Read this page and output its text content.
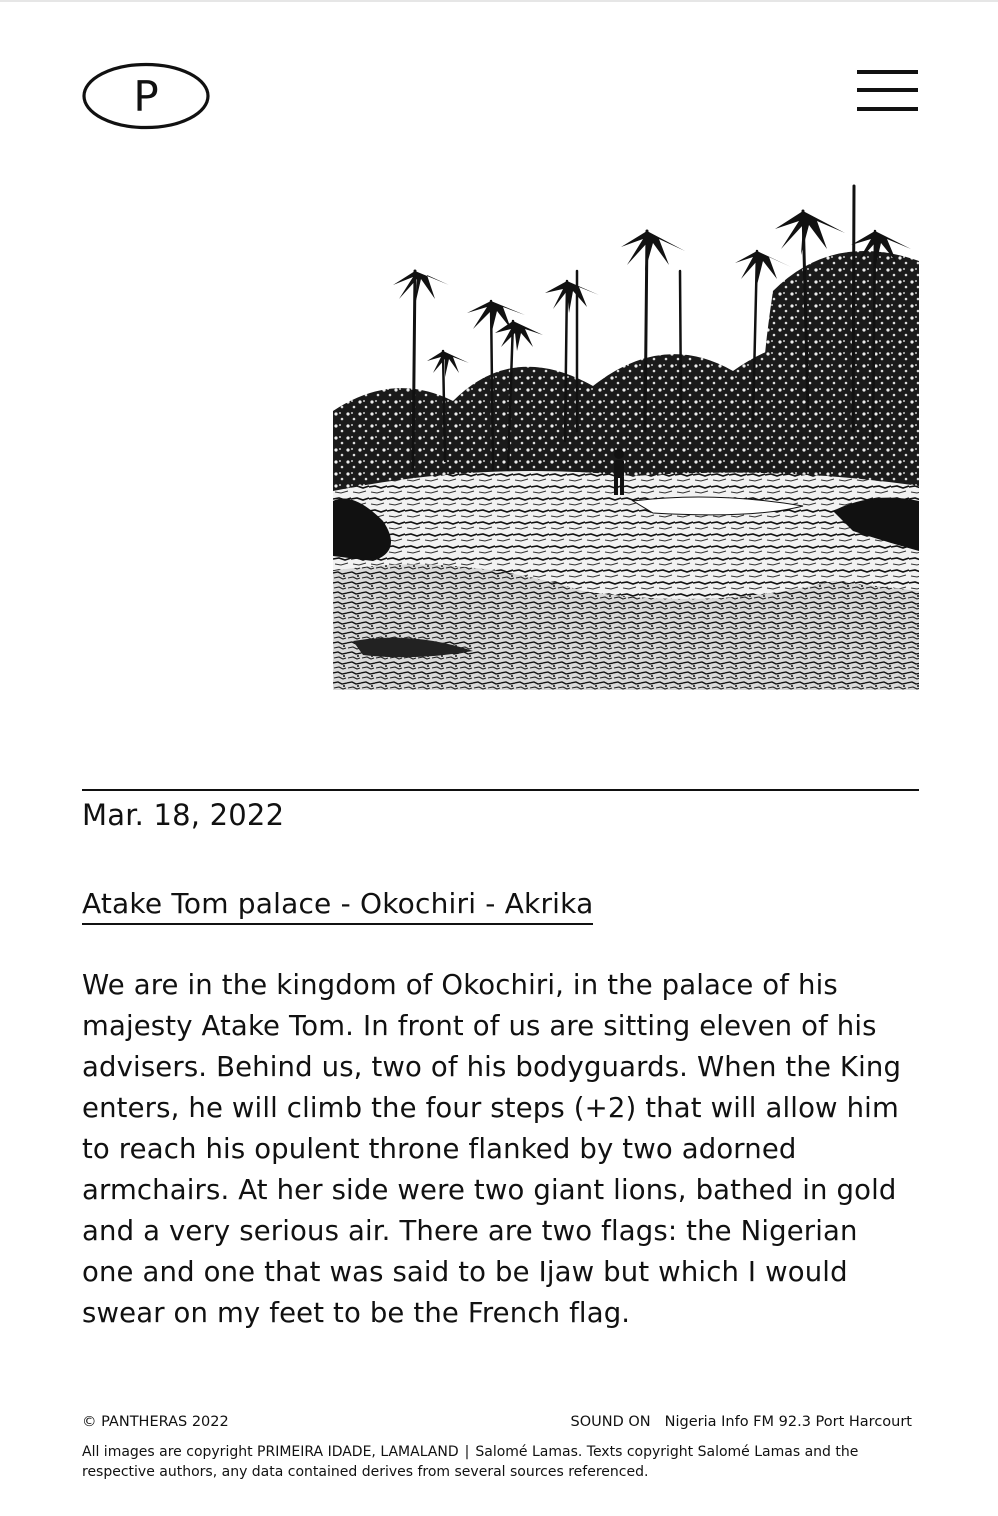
P
Mar. 18, 2022
Atake Tom palace - Okochiri - Akrika

We are in the kingdom of Okochiri, in the palace of his majesty Atake Tom. In front of us are sitting eleven of his advisers. Behind us, two of his bodyguards. When the King enters, he will climb the four steps (+2) that will allow him to reach his opulent throne flanked by two adorned armchairs. At her side were two giant lions, bathed in gold and a very serious air. There are two flags: the Nigerian one and one that was said to be Ijaw but which I would swear on my feet to be the French flag.

© PANTHERAS 2022	SOUND ON Nigeria Info FM 92.3 Port Harcourt
All images are copyright PRIMEIRA IDADE, LAMALAND | Salomé Lamas. Texts copyright Salomé Lamas and the respective authors, any data contained derives from several sources referenced.
